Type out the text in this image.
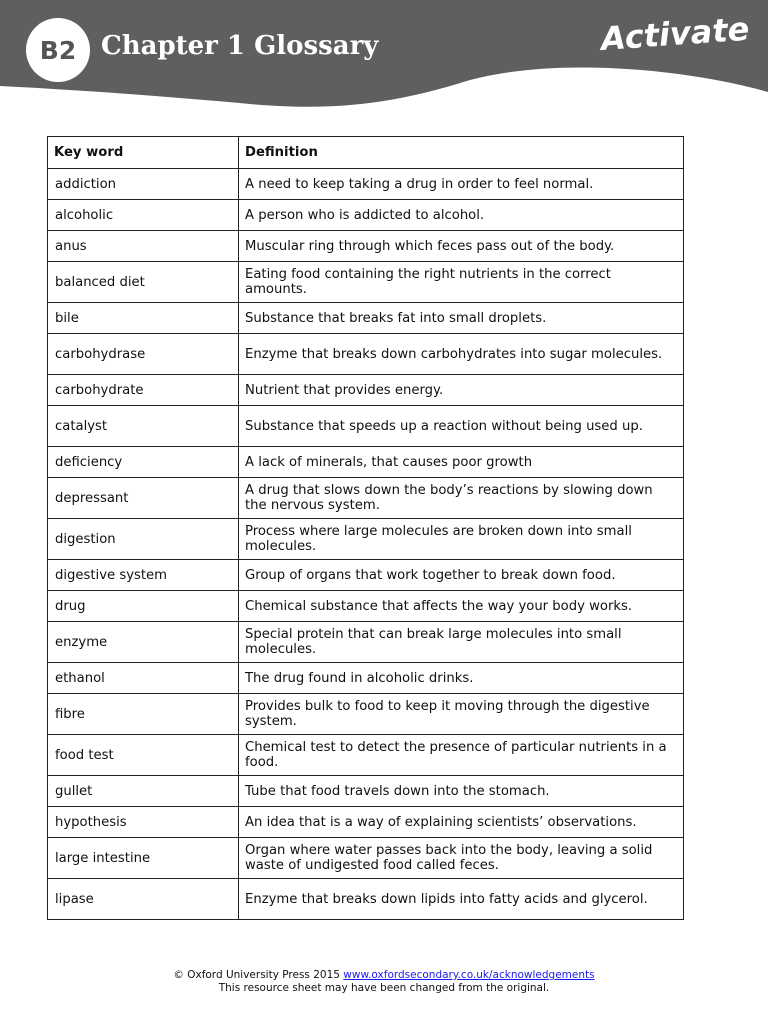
B2 Chapter 1 Glossary	Activate
Key word	Definition
addiction	A need to keep taking a drug in order to feel normal.
alcoholic	A person who is addicted to alcohol.
anus	Muscular ring through which feces pass out of the body.
balanced diet	Eating food containing the right nutrients in the correct amounts.
bile	Substance that breaks fat into small droplets.
carbohydrase	Enzyme that breaks down carbohydrates into sugar molecules.
carbohydrate	Nutrient that provides energy.
catalyst	Substance that speeds up a reaction without being used up.
deficiency	A lack of minerals, that causes poor growth
depressant	A drug that slows down the body’s reactions by slowing down the nervous system.
digestion	Process where large molecules are broken down into small molecules.
digestive system	Group of organs that work together to break down food.
drug	Chemical substance that affects the way your body works.
enzyme	Special protein that can break large molecules into small molecules.
ethanol	The drug found in alcoholic drinks.
fibre	Provides bulk to food to keep it moving through the digestive system.
food test	Chemical test to detect the presence of particular nutrients in a food.
gullet	Tube that food travels down into the stomach.
hypothesis	An idea that is a way of explaining scientists’ observations.
large intestine	Organ where water passes back into the body, leaving a solid waste of undigested food called feces.
lipase	Enzyme that breaks down lipids into fatty acids and glycerol.
© Oxford University Press 2015 www.oxfordsecondary.co.uk/acknowledgements
This resource sheet may have been changed from the original.
